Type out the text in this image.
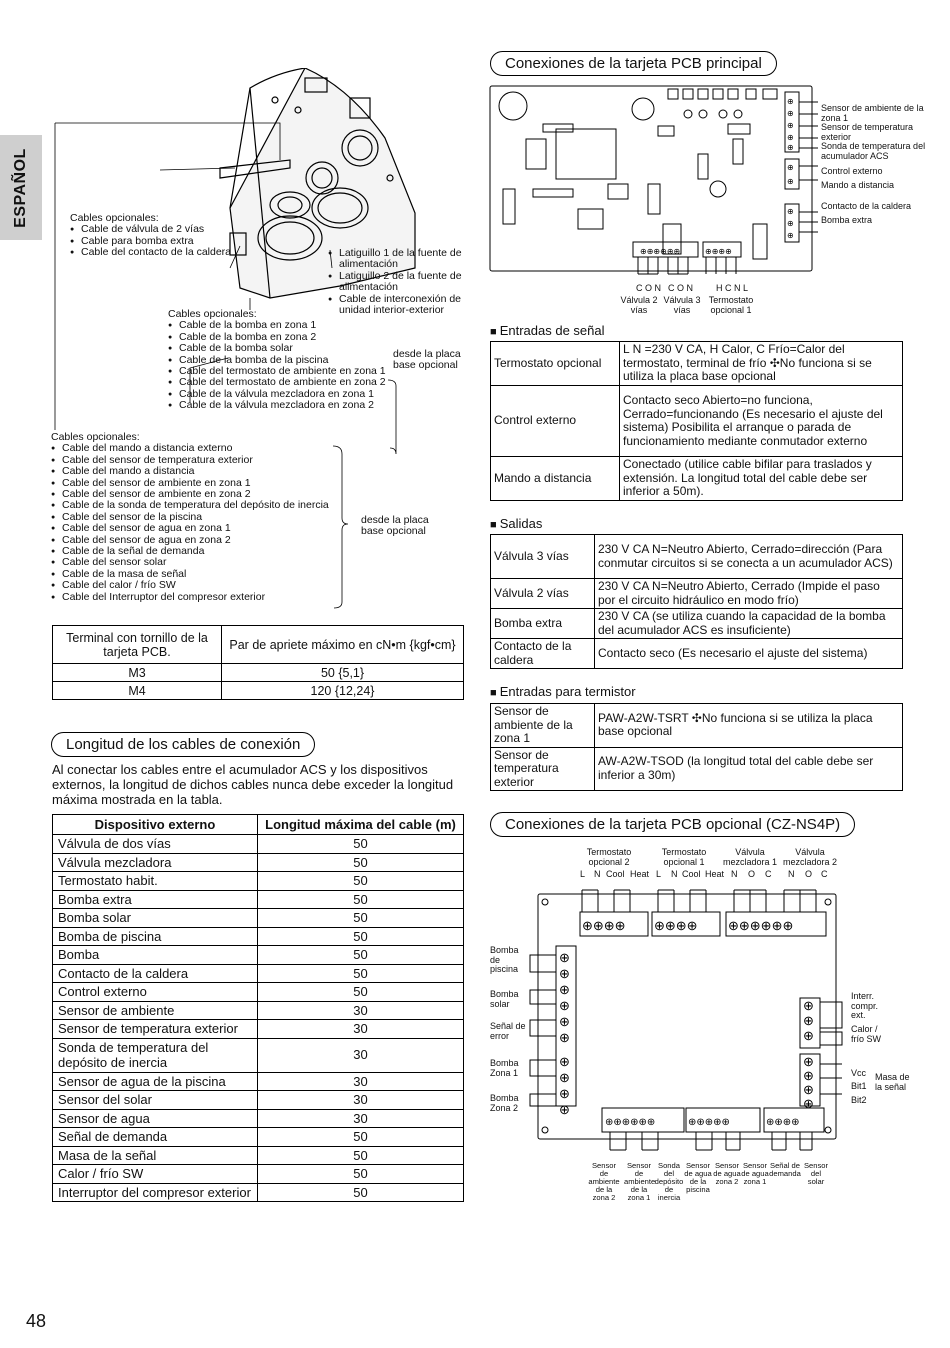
ESPAÑOL	Cables opcionales:
● Cable de válvula de 2 vías
● Cable para bomba extra
● Cable del contacto de la caldera	● Latiguillo 1 de la fuente de alimentación
● Latiguillo 2 de la fuente de alimentación
● Cable de interconexión de unidad interior-exterior
Cables opcionales:
● Cable de la bomba en zona 1
● Cable de la bomba en zona 2
● Cable de la bomba solar
● Cable de la bomba de la piscina
● Cable del termostato de ambiente en zona 1
● Cable del termostato de ambiente en zona 2
● Cable de la válvula mezcladora en zona 1
● Cable de la válvula mezcladora en zona 2
desde la placa base opcional
Cables opcionales:
● Cable del mando a distancia externo
● Cable del sensor de temperatura exterior
● Cable del mando a distancia
● Cable del sensor de ambiente en zona 1
● Cable del sensor de ambiente en zona 2
● Cable de la sonda de temperatura del depósito de inercia
● Cable del sensor de la piscina
● Cable del sensor de agua en zona 1
● Cable del sensor de agua en zona 2
● Cable de la señal de demanda
● Cable del sensor solar
● Cable de la masa de señal
● Cable del calor / frío SW
● Cable del Interruptor del compresor exterior
desde la placa base opcional
Terminal con tornillo de la tarjeta PCB.	Par de apriete máximo en cN•m {kgf•cm}
M3	50 {5,1}
M4	120 {12,24}
Longitud de los cables de conexión
Al conectar los cables entre el acumulador ACS y los dispositivos externos, la longitud de dichos cables nunca debe exceder la longitud máxima mostrada en la tabla.
Dispositivo externo	Longitud máxima del cable (m)
Válvula de dos vías	50
Válvula mezcladora	50
Termostato habit.	50
Bomba extra	50
Bomba solar	50
Bomba de piscina	50
Bomba	50
Contacto de la caldera	50
Control externo	50
Sensor de ambiente	30
Sensor de temperatura exterior	30
Sonda de temperatura del depósito de inercia	30
Sensor de agua de la piscina	30
Sensor del solar	30
Sensor de agua	30
Señal de demanda	50
Masa de la señal	50
Calor / frío SW	50
Interruptor del compresor exterior	50
48
Conexiones de la tarjeta PCB principal
⊕⊕⊕⊕⊕⊕	⊕⊕⊕⊕
⊕
⊕
⊕
⊕
⊕
⊕
⊕
⊕
⊕
⊕
Sensor de ambiente de la zona 1
Sensor de temperatura exterior
Sonda de temperatura del acumulador ACS
Control externo
Mando a distancia
Contacto de la caldera
Bomba extra
C O N C O N	H C N L
Válvula 2 vías
Válvula 3 vías
Termostato opcional 1
■ Entradas de señal
Termostato opcional	L N =230 V CA, H Calor, C Frío=Calor del termostato, terminal de frío ✣No funciona si se utiliza la placa base opcional
Control externo	Contacto seco Abierto=no funciona, Cerrado=funcionando (Es necesario el ajuste del sistema) Posibilita el arranque o parada de funcionamiento mediante conmutador externo
Mando a distancia	Conectado (utilice cable bifilar para traslados y extensión. La longitud total del cable debe ser inferior a 50m).
■ Salidas
Válvula 3 vías	230 V CA N=Neutro Abierto, Cerrado=dirección (Para conmutar circuitos si se conecta a un acumulador ACS)
Válvula 2 vías	230 V CA N=Neutro Abierto, Cerrado (Impide el paso por el circuito hidráulico en modo frío)
Bomba extra	230 V CA (se utiliza cuando la capacidad de la bomba del acumulador ACS es insuficiente)
Contacto de la caldera	Contacto seco (Es necesario el ajuste del sistema)
■ Entradas para termistor
Sensor de ambiente de la zona 1	PAW-A2W-TSRT ✣No funciona si se utiliza la placa base opcional
Sensor de temperatura exterior	AW-A2W-TSOD (la longitud total del cable debe ser inferior a 30m)
Conexiones de la tarjeta PCB opcional (CZ-NS4P)
Termostato opcional 2
Termostato opcional 1
Válvula mezcladora 1
Válvula mezcladora 2
L N Cool Heat L N Cool Heat N O C N O C
⊕⊕⊕⊕ ⊕⊕⊕⊕ ⊕⊕⊕⊕⊕⊕
⊕
⊕
⊕
⊕
⊕
⊕
⊕
⊕
⊕
⊕
⊕
⊕
⊕
⊕
⊕
⊕
⊕
⊕⊕⊕⊕⊕⊕	⊕⊕⊕⊕⊕	⊕⊕⊕⊕
Bomba de piscina
Bomba solar
Señal de error
Bomba Zona 1
Bomba Zona 2
Interr. compr. ext.
Calor / frío SW
Vcc
Bit1
Bit2
Masa de la señal
Sensor de ambiente de la zona 2
Sensor de ambiente de la zona 1
Sonda del depósito de inercia
Sensor de agua de la piscina
Sensor de agua zona 2
Sensor de agua zona 1
Señal de demanda
Sensor del solar
